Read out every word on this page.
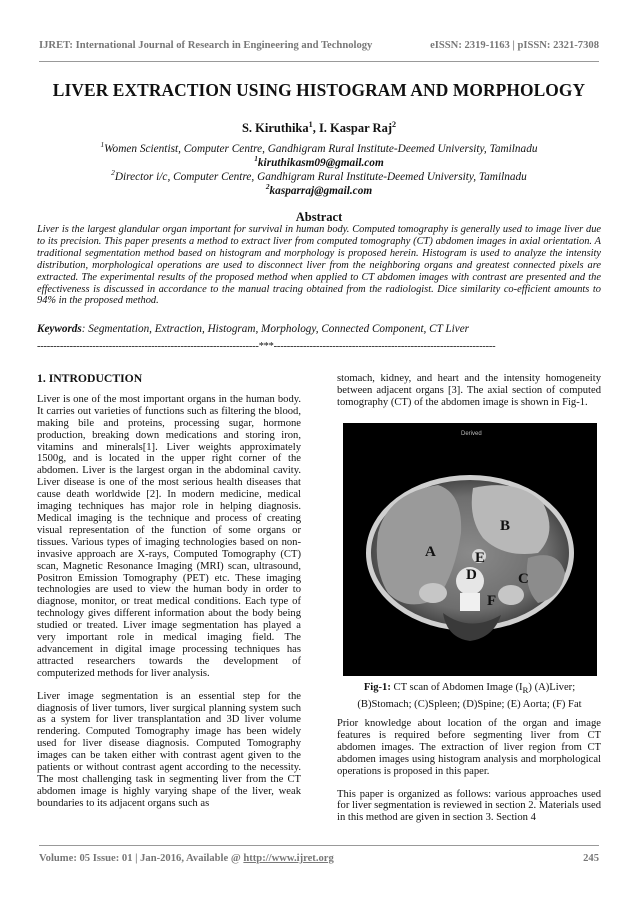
IJRET: International Journal of Research in Engineering and Technology	eISSN: 2319-1163 | pISSN: 2321-7308
LIVER EXTRACTION USING HISTOGRAM AND MORPHOLOGY
S. Kiruthika$^1$, I. Kaspar Raj$^2$
$^1$Women Scientist, Computer Centre, Gandhigram Rural Institute-Deemed University, Tamilnadu
$^1$kiruthikasm09@gmail.com
$^2$Director i/c, Computer Centre, Gandhigram Rural Institute-Deemed University, Tamilnadu
$^2$kasparraj@gmail.com
Abstract
Liver is the largest glandular organ important for survival in human body. Computed tomography is generally used to image liver due to its precision. This paper presents a method to extract liver from computed tomography (CT) abdomen images in axial orientation. A traditional segmentation method based on histogram and morphology is proposed herein. Histogram is used to analyze the intensity distribution, morphological operations are used to disconnect liver from the neighboring organs and greatest connected pixels are extracted. The experimental results of the proposed method when applied to CT abdomen images with contrast are presented and the effectiveness is discussed in accordance to the manual tracing obtained from the radiologist. Dice similarity co-efficient amounts to 94% in the proposed method.
Keywords: Segmentation, Extraction, Histogram, Morphology, Connected Component, CT Liver
--------------------------------------------------------------------***--------------------------------------------------------------------
1. INTRODUCTION

Liver is one of the most important organs in the human body. It carries out varieties of functions such as filtering the blood, making bile and proteins, processing sugar, hormone production, breaking down medications and storing iron, vitamins and minerals[1]. Liver weights approximately 1500g, and is located in the upper right corner of the abdomen. Liver is the largest organ in the abdominal cavity. Liver disease is one of the most serious health diseases that cause death worldwide [2]. In modern medicine, medical imaging techniques has major role in helping diagnosis. Medical imaging is the technique and process of creating visual representation of the function of some organs or tissues. Various types of imaging technologies based on non-invasive approach are X-rays, Computed Tomography (CT) scan, Magnetic Resonance Imaging (MRI) scan, ultrasound, Positron Emission Tomography (PET) etc. These imaging technologies are used to view the human body in order to diagnose, monitor, or treat medical conditions. Each type of technology gives different information about the body being studied or treated. Liver image segmentation has played a very important role in medical imaging field. The advancement in digital image processing techniques has attracted researchers towards the development of computerized methods for liver analysis.

Liver image segmentation is an essential step for the diagnosis of liver tumors, liver surgical planning system such as a system for liver transplantation and 3D liver volume rendering. Computed Tomography image has been widely used for liver disease diagnosis. Computed Tomography images can be taken either with contrast agent given to the patients or without contrast agent according to the necessity. The most challenging task in segmenting liver from the CT abdomen image is highly varying shape of the liver, weak boundaries to its adjacent organs such as

stomach, kidney, and heart and the intensity homogeneity between adjacent organs [3]. The axial section of computed tomography (CT) of the abdomen image is shown in Fig-1.

Derived
A
B
C
D
E
F
Fig-1: CT scan of Abdomen Image $(I_R)$ (A)Liver; (B)Stomach; (C)Spleen; (D)Spine; (E) Aorta; (F) Fat

Prior knowledge about location of the organ and image features is required before segmenting liver from CT abdomen images. The extraction of liver region from CT abdomen images using histogram analysis and morphological operations is proposed in this paper.

This paper is organized as follows: various approaches used for liver segmentation is reviewed in section 2. Materials used in this method are given in section 3. Section 4

Volume: 05 Issue: 01 | Jan-2016, Available @ http://www.ijret.org	245
